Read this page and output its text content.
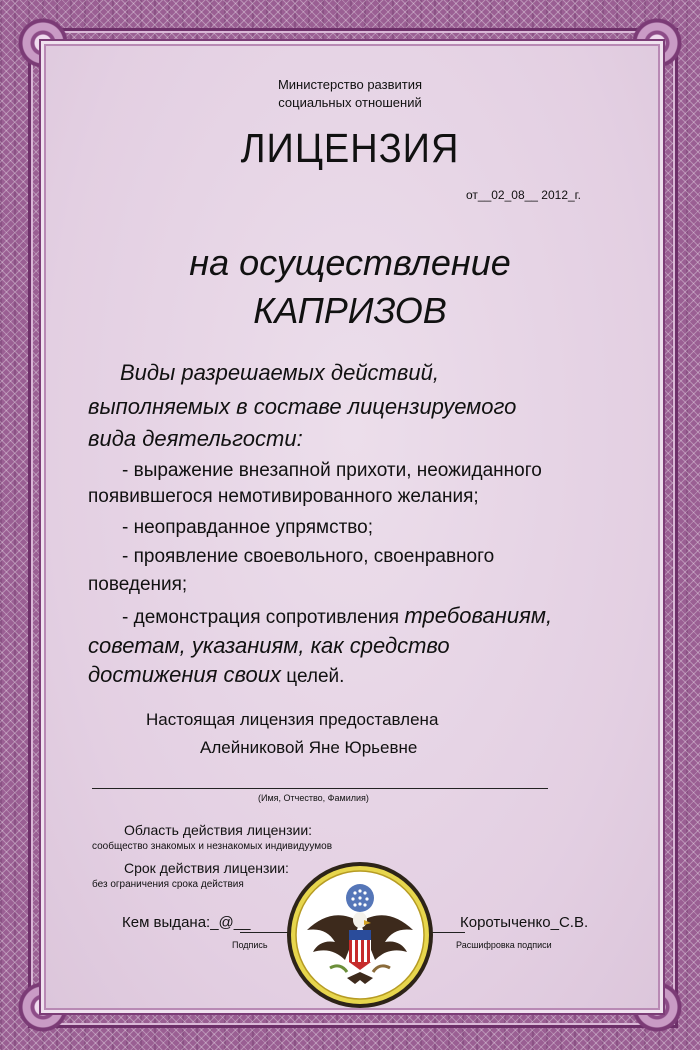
Министерство развития
социальных отношений
ЛИЦЕНЗИЯ
от__02_08__ 2012_г.
на осуществление
КАПРИЗОВ
Виды разрешаемых действий,
выполняемых в составе лицензируемого
вида деятельгости:
- выражение внезапной прихоти, неожиданного
появившегося немотивированного желания;
- неоправданное упрямство;
- проявление своевольного, своенравного
поведения;
- демонстрация сопротивления требованиям,
советам, указаниям, как средство
достижения своих целей.
Настоящая лицензия предоставлена
Алейниковой Яне Юрьевне
(Имя, Отчество, Фамилия)
Область действия лицензии:
сообщество знакомых и незнакомых индивидуумов
Срок действия лицензии:
без ограничения срока действия
Кем выдана:_@__
Подпись
Коротыченко_С.В.
Расшифровка подписи
